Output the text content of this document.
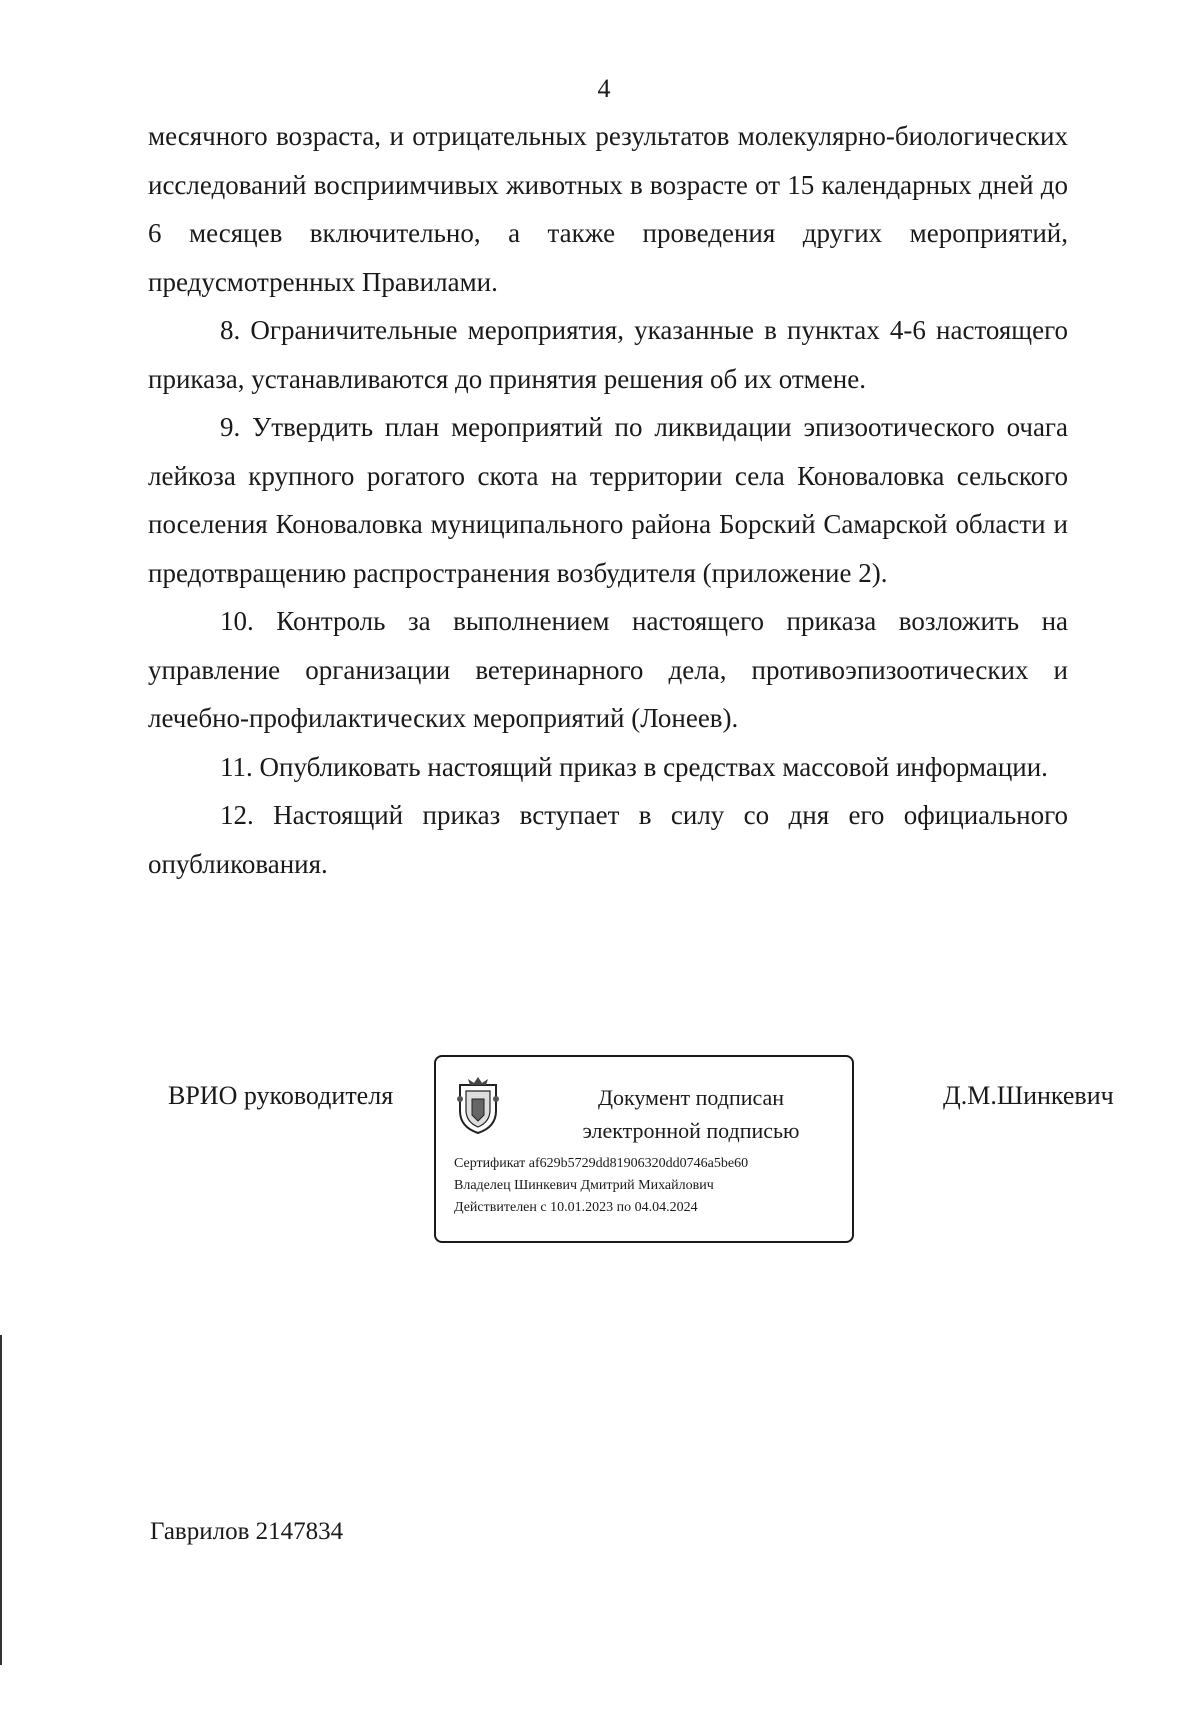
4

месячного возраста, и отрицательных результатов молекулярно-биологических исследований восприимчивых животных в возрасте от 15 календарных дней до 6 месяцев включительно, а также проведения других мероприятий, предусмотренных Правилами.

8. Ограничительные мероприятия, указанные в пунктах 4-6 настоящего приказа, устанавливаются до принятия решения об их отмене.

9. Утвердить план мероприятий по ликвидации эпизоотического очага лейкоза крупного рогатого скота на территории села Коноваловка сельского поселения Коноваловка муниципального района Борский Самарской области и предотвращению распространения возбудителя (приложение 2).

10. Контроль за выполнением настоящего приказа возложить на управление организации ветеринарного дела, противоэпизоотических и лечебно-профилактических мероприятий (Лонеев).

11. Опубликовать настоящий приказ в средствах массовой информации.

12. Настоящий приказ вступает в силу со дня его официального опубликования.

ВРИО руководителя	Документ подписан
электронной подписью
Сертификат af629b5729dd81906320dd0746a5be60
Владелец Шинкевич Дмитрий Михайлович
Действителен с 10.01.2023 по 04.04.2024
Д.М.Шинкевич
Гаврилов 2147834
